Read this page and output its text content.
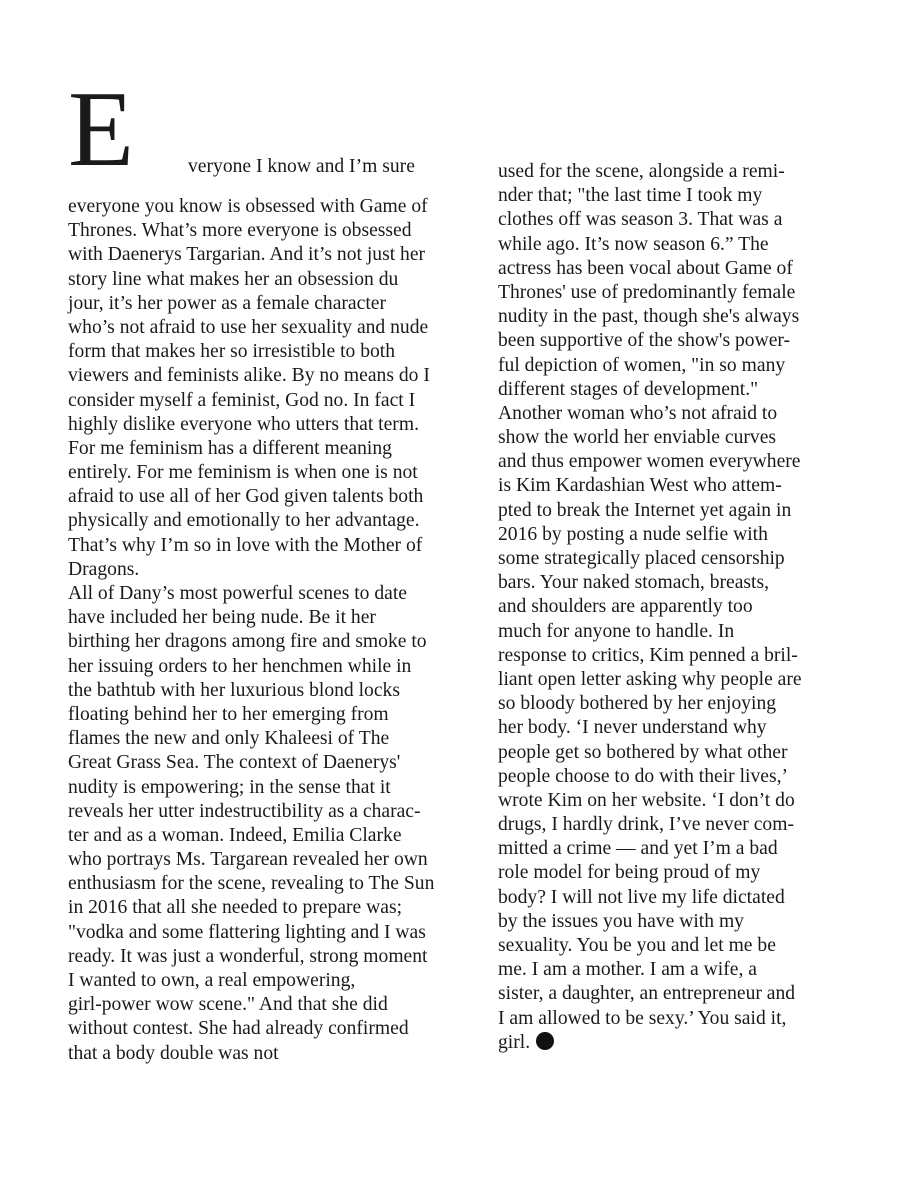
E	veryone I know and I’m sure
everyone you know is obsessed with Game of
Thrones. What’s more everyone is obsessed
with Daenerys Targarian. And it’s not just her
story line what makes her an obsession du
jour, it’s her power as a female character
who’s not afraid to use her sexuality and nude
form that makes her so irresistible to both
viewers and feminists alike. By no means do I
consider myself a feminist, God no. In fact I
highly dislike everyone who utters that term.
For me feminism has a different meaning
entirely. For me feminism is when one is not
afraid to use all of her God given talents both
physically and emotionally to her advantage.
That’s why I’m so in love with the Mother of
Dragons.
All of Dany’s most powerful scenes to date
have included her being nude. Be it her
birthing her dragons among fire and smoke to
her issuing orders to her henchmen while in
the bathtub with her luxurious blond locks
floating behind her to her emerging from
flames the new and only Khaleesi of The
Great Grass Sea. The context of Daenerys'
nudity is empowering; in the sense that it
reveals her utter indestructibility as a charac-
ter and as a woman. Indeed, Emilia Clarke
who portrays Ms. Targarean revealed her own
enthusiasm for the scene, revealing to The Sun
in 2016 that all she needed to prepare was;
"vodka and some flattering lighting and I was
ready. It was just a wonderful, strong moment
I wanted to own, a real empowering,
girl-power wow scene." And that she did
without contest. She had already confirmed
that a body double was not
used for the scene, alongside a remi-
nder that; "the last time I took my
clothes off was season 3. That was a
while ago. It’s now season 6.” The
actress has been vocal about Game of
Thrones' use of predominantly female
nudity in the past, though she's always
been supportive of the show's power-
ful depiction of women, "in so many
different stages of development."
Another woman who’s not afraid to
show the world her enviable curves
and thus empower women everywhere
is Kim Kardashian West who attem-
pted to break the Internet yet again in
2016 by posting a nude selfie with
some strategically placed censorship
bars. Your naked stomach, breasts,
and shoulders are apparently too
much for anyone to handle. In
response to critics, Kim penned a bril-
liant open letter asking why people are
so bloody bothered by her enjoying
her body. ‘I never understand why
people get so bothered by what other
people choose to do with their lives,’
wrote Kim on her website. ‘I don’t do
drugs, I hardly drink, I’ve never com-
mitted a crime — and yet I’m a bad
role model for being proud of my
body? I will not live my life dictated
by the issues you have with my
sexuality. You be you and let me be
me. I am a mother. I am a wife, a
sister, a daughter, an entrepreneur and
I am allowed to be sexy.’ You said it,
girl.
